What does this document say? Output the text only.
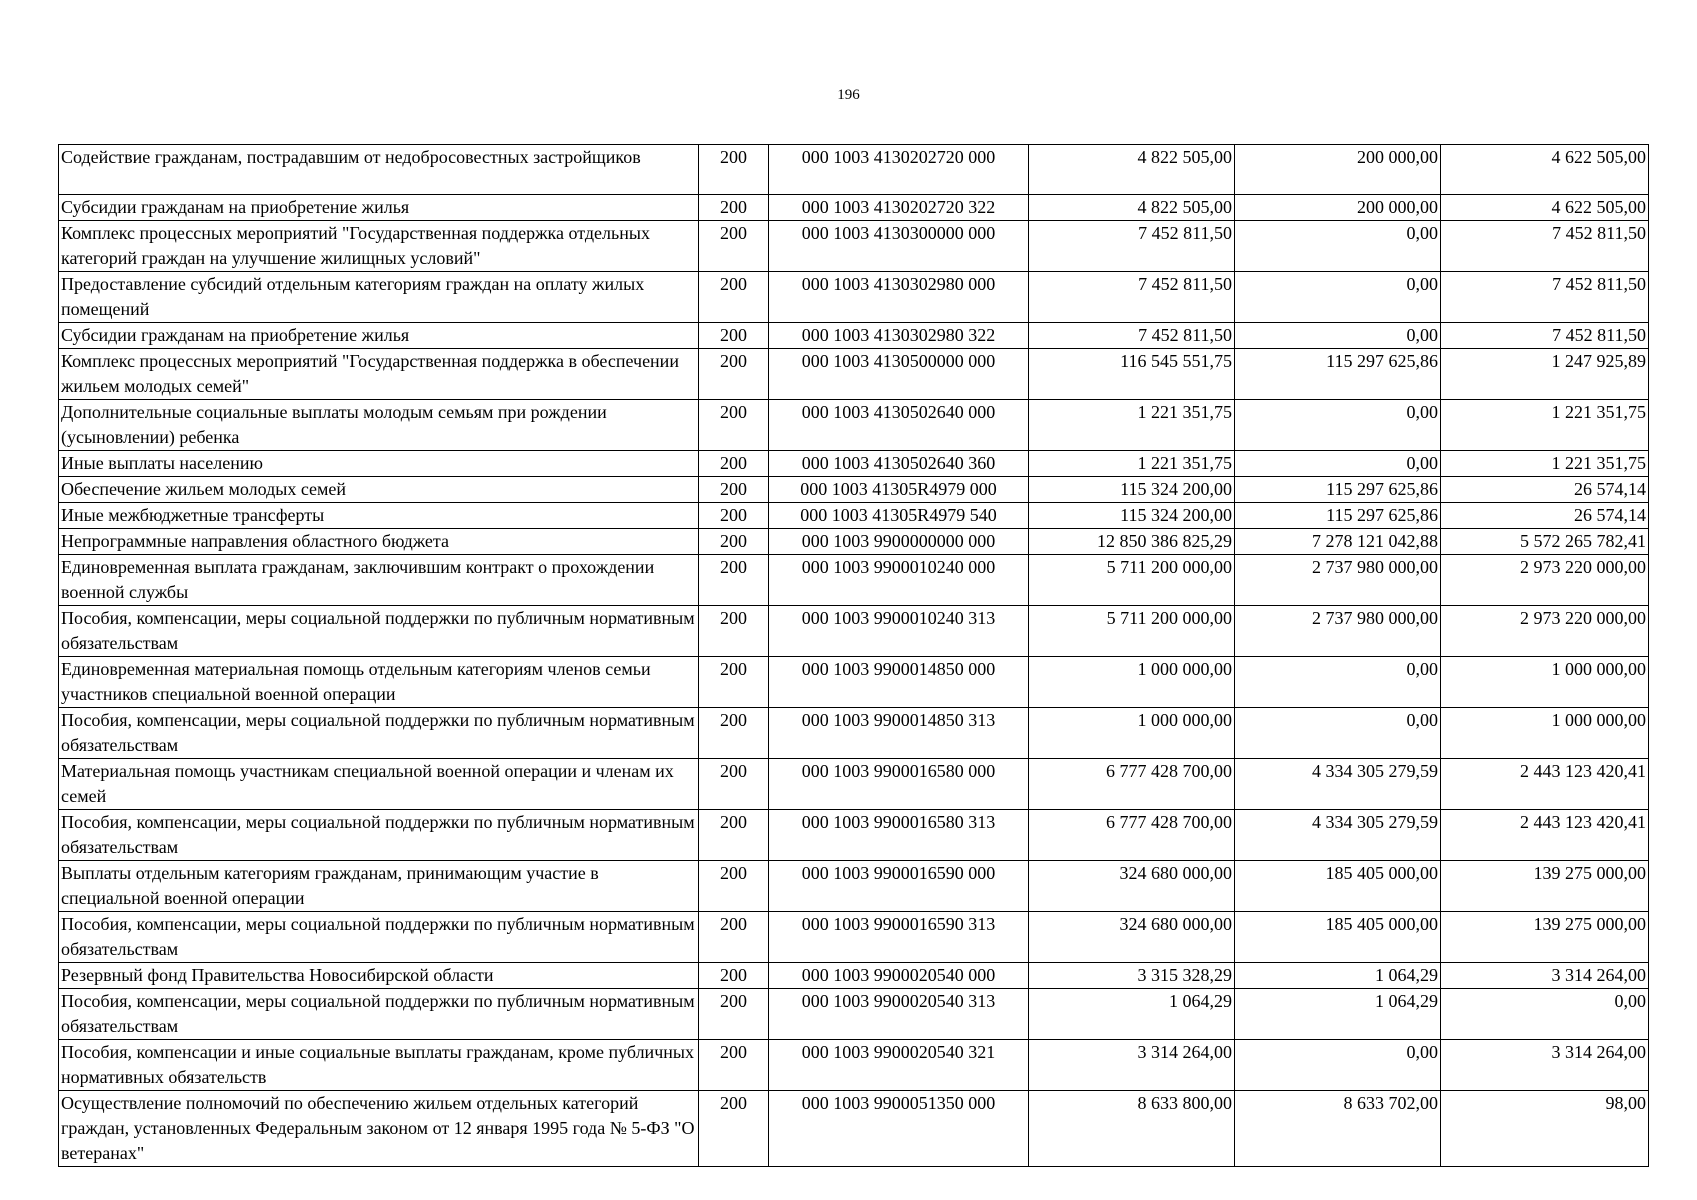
196
Содействие гражданам, пострадавшим от недобросовестных застройщиков	200	000 1003 4130202720 000	4 822 505,00	200 000,00	4 622 505,00
Субсидии гражданам на приобретение жилья	200	000 1003 4130202720 322	4 822 505,00	200 000,00	4 622 505,00
Комплекс процессных мероприятий "Государственная поддержка отдельных категорий граждан на улучшение жилищных условий"	200	000 1003 4130300000 000	7 452 811,50	0,00	7 452 811,50
Предоставление субсидий отдельным категориям граждан на оплату жилых помещений	200	000 1003 4130302980 000	7 452 811,50	0,00	7 452 811,50
Субсидии гражданам на приобретение жилья	200	000 1003 4130302980 322	7 452 811,50	0,00	7 452 811,50
Комплекс процессных мероприятий "Государственная поддержка в обеспечении жильем молодых семей"	200	000 1003 4130500000 000	116 545 551,75	115 297 625,86	1 247 925,89
Дополнительные социальные выплаты молодым семьям при рождении (усыновлении) ребенка	200	000 1003 4130502640 000	1 221 351,75	0,00	1 221 351,75
Иные выплаты населению	200	000 1003 4130502640 360	1 221 351,75	0,00	1 221 351,75
Обеспечение жильем молодых семей	200	000 1003 41305R4979 000	115 324 200,00	115 297 625,86	26 574,14
Иные межбюджетные трансферты	200	000 1003 41305R4979 540	115 324 200,00	115 297 625,86	26 574,14
Непрограммные направления областного бюджета	200	000 1003 9900000000 000	12 850 386 825,29	7 278 121 042,88	5 572 265 782,41
Единовременная выплата гражданам, заключившим контракт о прохождении военной службы	200	000 1003 9900010240 000	5 711 200 000,00	2 737 980 000,00	2 973 220 000,00
Пособия, компенсации, меры социальной поддержки по публичным нормативным обязательствам	200	000 1003 9900010240 313	5 711 200 000,00	2 737 980 000,00	2 973 220 000,00
Единовременная материальная помощь отдельным категориям членов семьи участников специальной военной операции	200	000 1003 9900014850 000	1 000 000,00	0,00	1 000 000,00
Пособия, компенсации, меры социальной поддержки по публичным нормативным обязательствам	200	000 1003 9900014850 313	1 000 000,00	0,00	1 000 000,00
Материальная помощь участникам специальной военной операции и членам их семей	200	000 1003 9900016580 000	6 777 428 700,00	4 334 305 279,59	2 443 123 420,41
Пособия, компенсации, меры социальной поддержки по публичным нормативным обязательствам	200	000 1003 9900016580 313	6 777 428 700,00	4 334 305 279,59	2 443 123 420,41
Выплаты отдельным категориям гражданам, принимающим участие в специальной военной операции	200	000 1003 9900016590 000	324 680 000,00	185 405 000,00	139 275 000,00
Пособия, компенсации, меры социальной поддержки по публичным нормативным обязательствам	200	000 1003 9900016590 313	324 680 000,00	185 405 000,00	139 275 000,00
Резервный фонд Правительства Новосибирской области	200	000 1003 9900020540 000	3 315 328,29	1 064,29	3 314 264,00
Пособия, компенсации, меры социальной поддержки по публичным нормативным обязательствам	200	000 1003 9900020540 313	1 064,29	1 064,29	0,00
Пособия, компенсации и иные социальные выплаты гражданам, кроме публичных нормативных обязательств	200	000 1003 9900020540 321	3 314 264,00	0,00	3 314 264,00
Осуществление полномочий по обеспечению жильем отдельных категорий граждан, установленных Федеральным законом от 12 января 1995 года № 5-ФЗ "О ветеранах"	200	000 1003 9900051350 000	8 633 800,00	8 633 702,00	98,00
